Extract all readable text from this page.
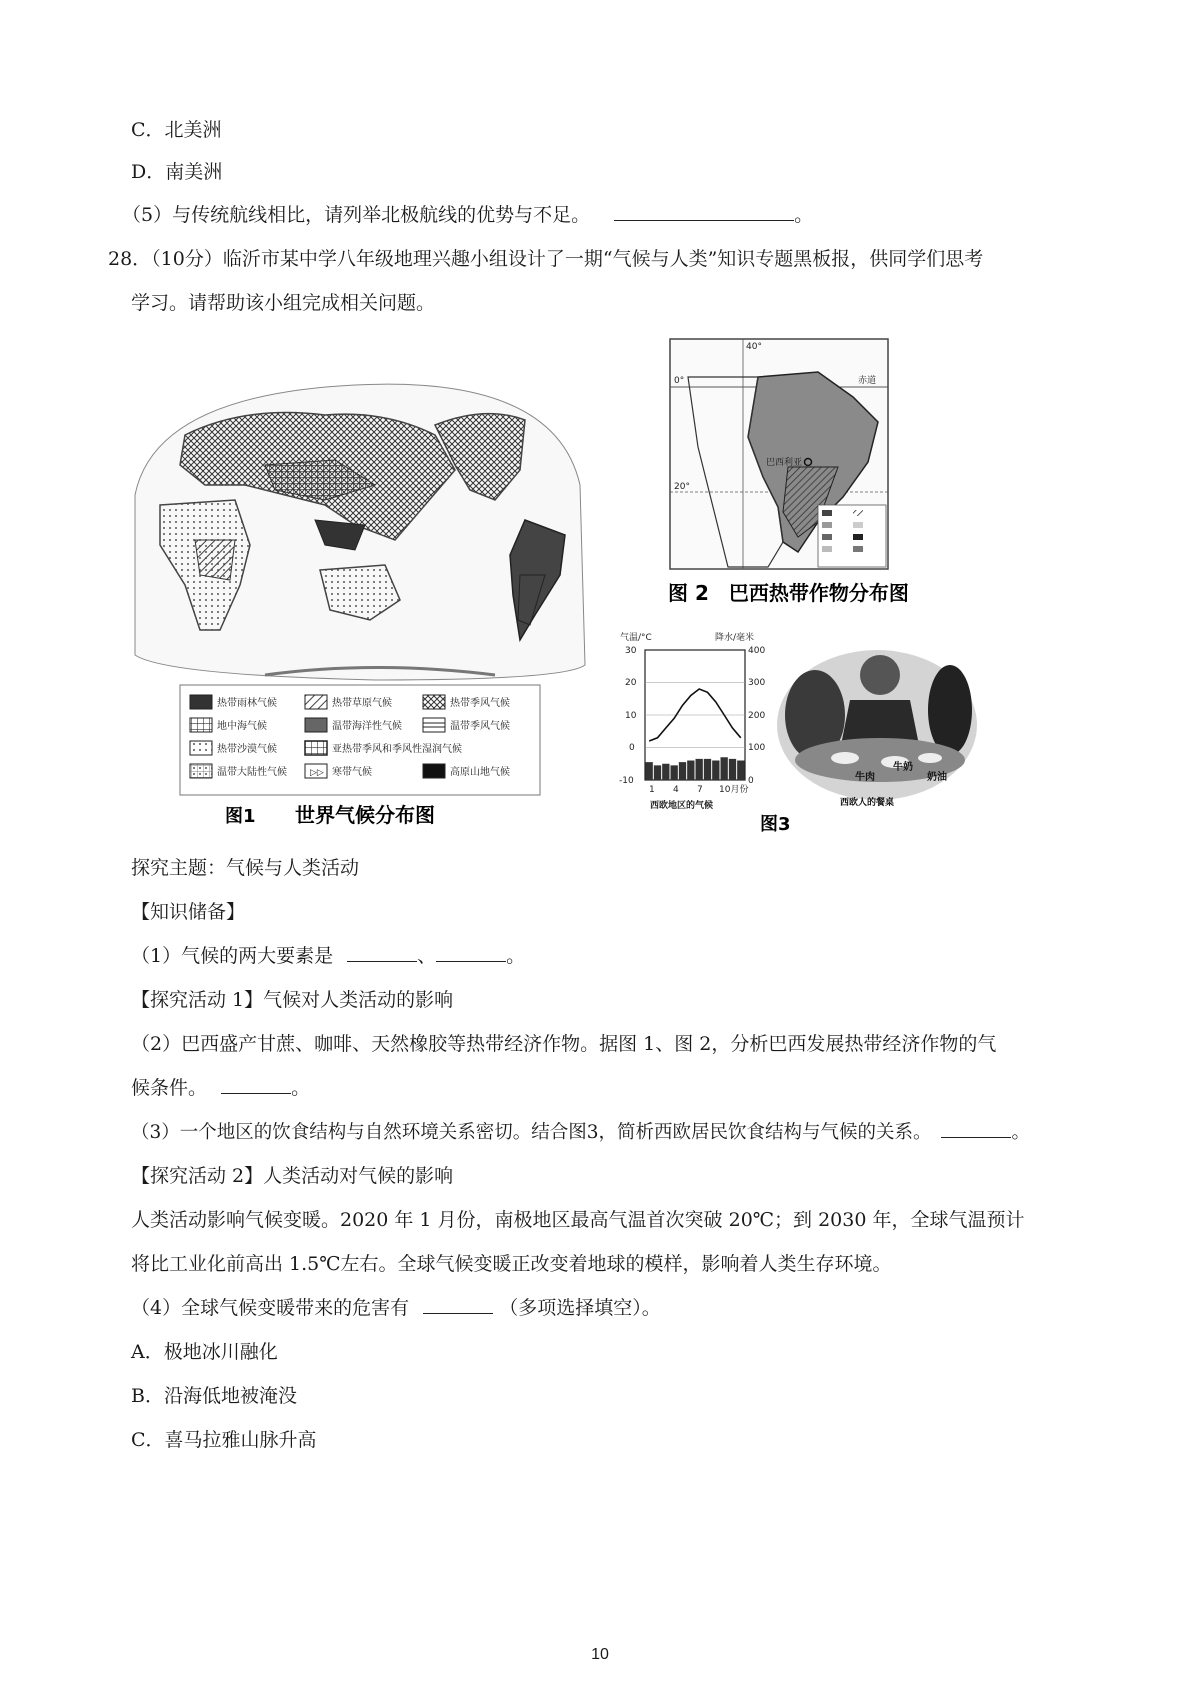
C．北美洲
D．南美洲
（5）与传统航线相比，请列举北极航线的优势与不足。	。
28．（10分）临沂市某中学八年级地理兴趣小组设计了一期“气候与人类”知识专题黑板报，供同学们思考
学习。请帮助该小组完成相关问题。
热带雨林气候	热带草原气候	热带季风气候
地中海气候	温带海洋性气候	温带季风气候
热带沙漠气候	亚热带季风和季风性湿润气候
温带大陆性气候	▷▷ 寒带气候	高原山地气候
图1 世界气候分布图
0°	赤道
20°
40°
巴西利亚
图 2　巴西热带作物分布图
气温/°C	降水/毫米
30
20
10
0
-10
400
300
200
100
0
1 4 7 10月份
西欧地区的气候
牛肉
牛奶
奶油
西欧人的餐桌
图3
探究主题：气候与人类活动
【知识储备】
（1）气候的两大要素是	、	。
【探究活动 1】气候对人类活动的影响
（2）巴西盛产甘蔗、咖啡、天然橡胶等热带经济作物。据图 1、图 2，分析巴西发展热带经济作物的气
候条件。	。
（3）一个地区的饮食结构与自然环境关系密切。结合图3，简析西欧居民饮食结构与气候的关系。	。
【探究活动 2】人类活动对气候的影响
人类活动影响气候变暖。2020 年 1 月份，南极地区最高气温首次突破 20℃；到 2030 年，全球气温预计
将比工业化前高出 1.5℃左右。全球气候变暖正改变着地球的模样，影响着人类生存环境。
（4）全球气候变暖带来的危害有	（多项选择填空）。
A．极地冰川融化
B．沿海低地被淹没
C．喜马拉雅山脉升高
10
